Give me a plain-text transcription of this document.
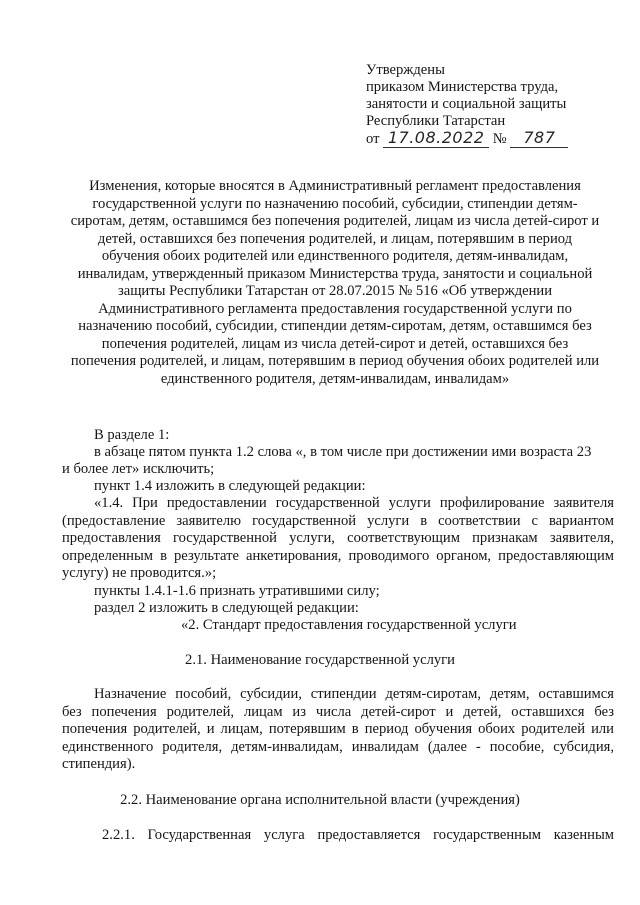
Утверждены
приказом Министерства труда,
занятости и социальной защиты
Республики Татарстан
от 17.08.2022 № 787
Изменения, которые вносятся в Административный регламент предоставления
государственной услуги по назначению пособий, субсидии, стипендии детям-
сиротам, детям, оставшимся без попечения родителей, лицам из числа детей-сирот и
детей, оставшихся без попечения родителей, и лицам, потерявшим в период
обучения обоих родителей или единственного родителя, детям-инвалидам,
инвалидам, утвержденный приказом Министерства труда, занятости и социальной
защиты Республики Татарстан от 28.07.2015 № 516 «Об утверждении
Административного регламента предоставления государственной услуги по
назначению пособий, субсидии, стипендии детям-сиротам, детям, оставшимся без
попечения родителей, лицам из числа детей-сирот и детей, оставшихся без
попечения родителей, и лицам, потерявшим в период обучения обоих родителей или
единственного родителя, детям-инвалидам, инвалидам»
В разделе 1:
в абзаце пятом пункта 1.2 слова «, в том числе при достижении ими возраста 23
и более лет» исключить;
пункт 1.4 изложить в следующей редакции:
«1.4. При предоставлении государственной услуги профилирование заявителя
(предоставление заявителю государственной услуги в соответствии с вариантом
предоставления государственной услуги, соответствующим признакам заявителя,
определенным в результате анкетирования, проводимого органом, предоставляющим
услугу) не проводится.»;
пункты 1.4.1-1.6 признать утратившими силу;
раздел 2 изложить в следующей редакции:
«2. Стандарт предоставления государственной услуги
2.1. Наименование государственной услуги
Назначение пособий, субсидии, стипендии детям-сиротам, детям, оставшимся
без попечения родителей, лицам из числа детей-сирот и детей, оставшихся без
попечения родителей, и лицам, потерявшим в период обучения обоих родителей или
единственного родителя, детям-инвалидам, инвалидам (далее - пособие, субсидия,
стипендия).
2.2. Наименование органа исполнительной власти (учреждения)
2.2.1. Государственная услуга предоставляется государственным казенным
